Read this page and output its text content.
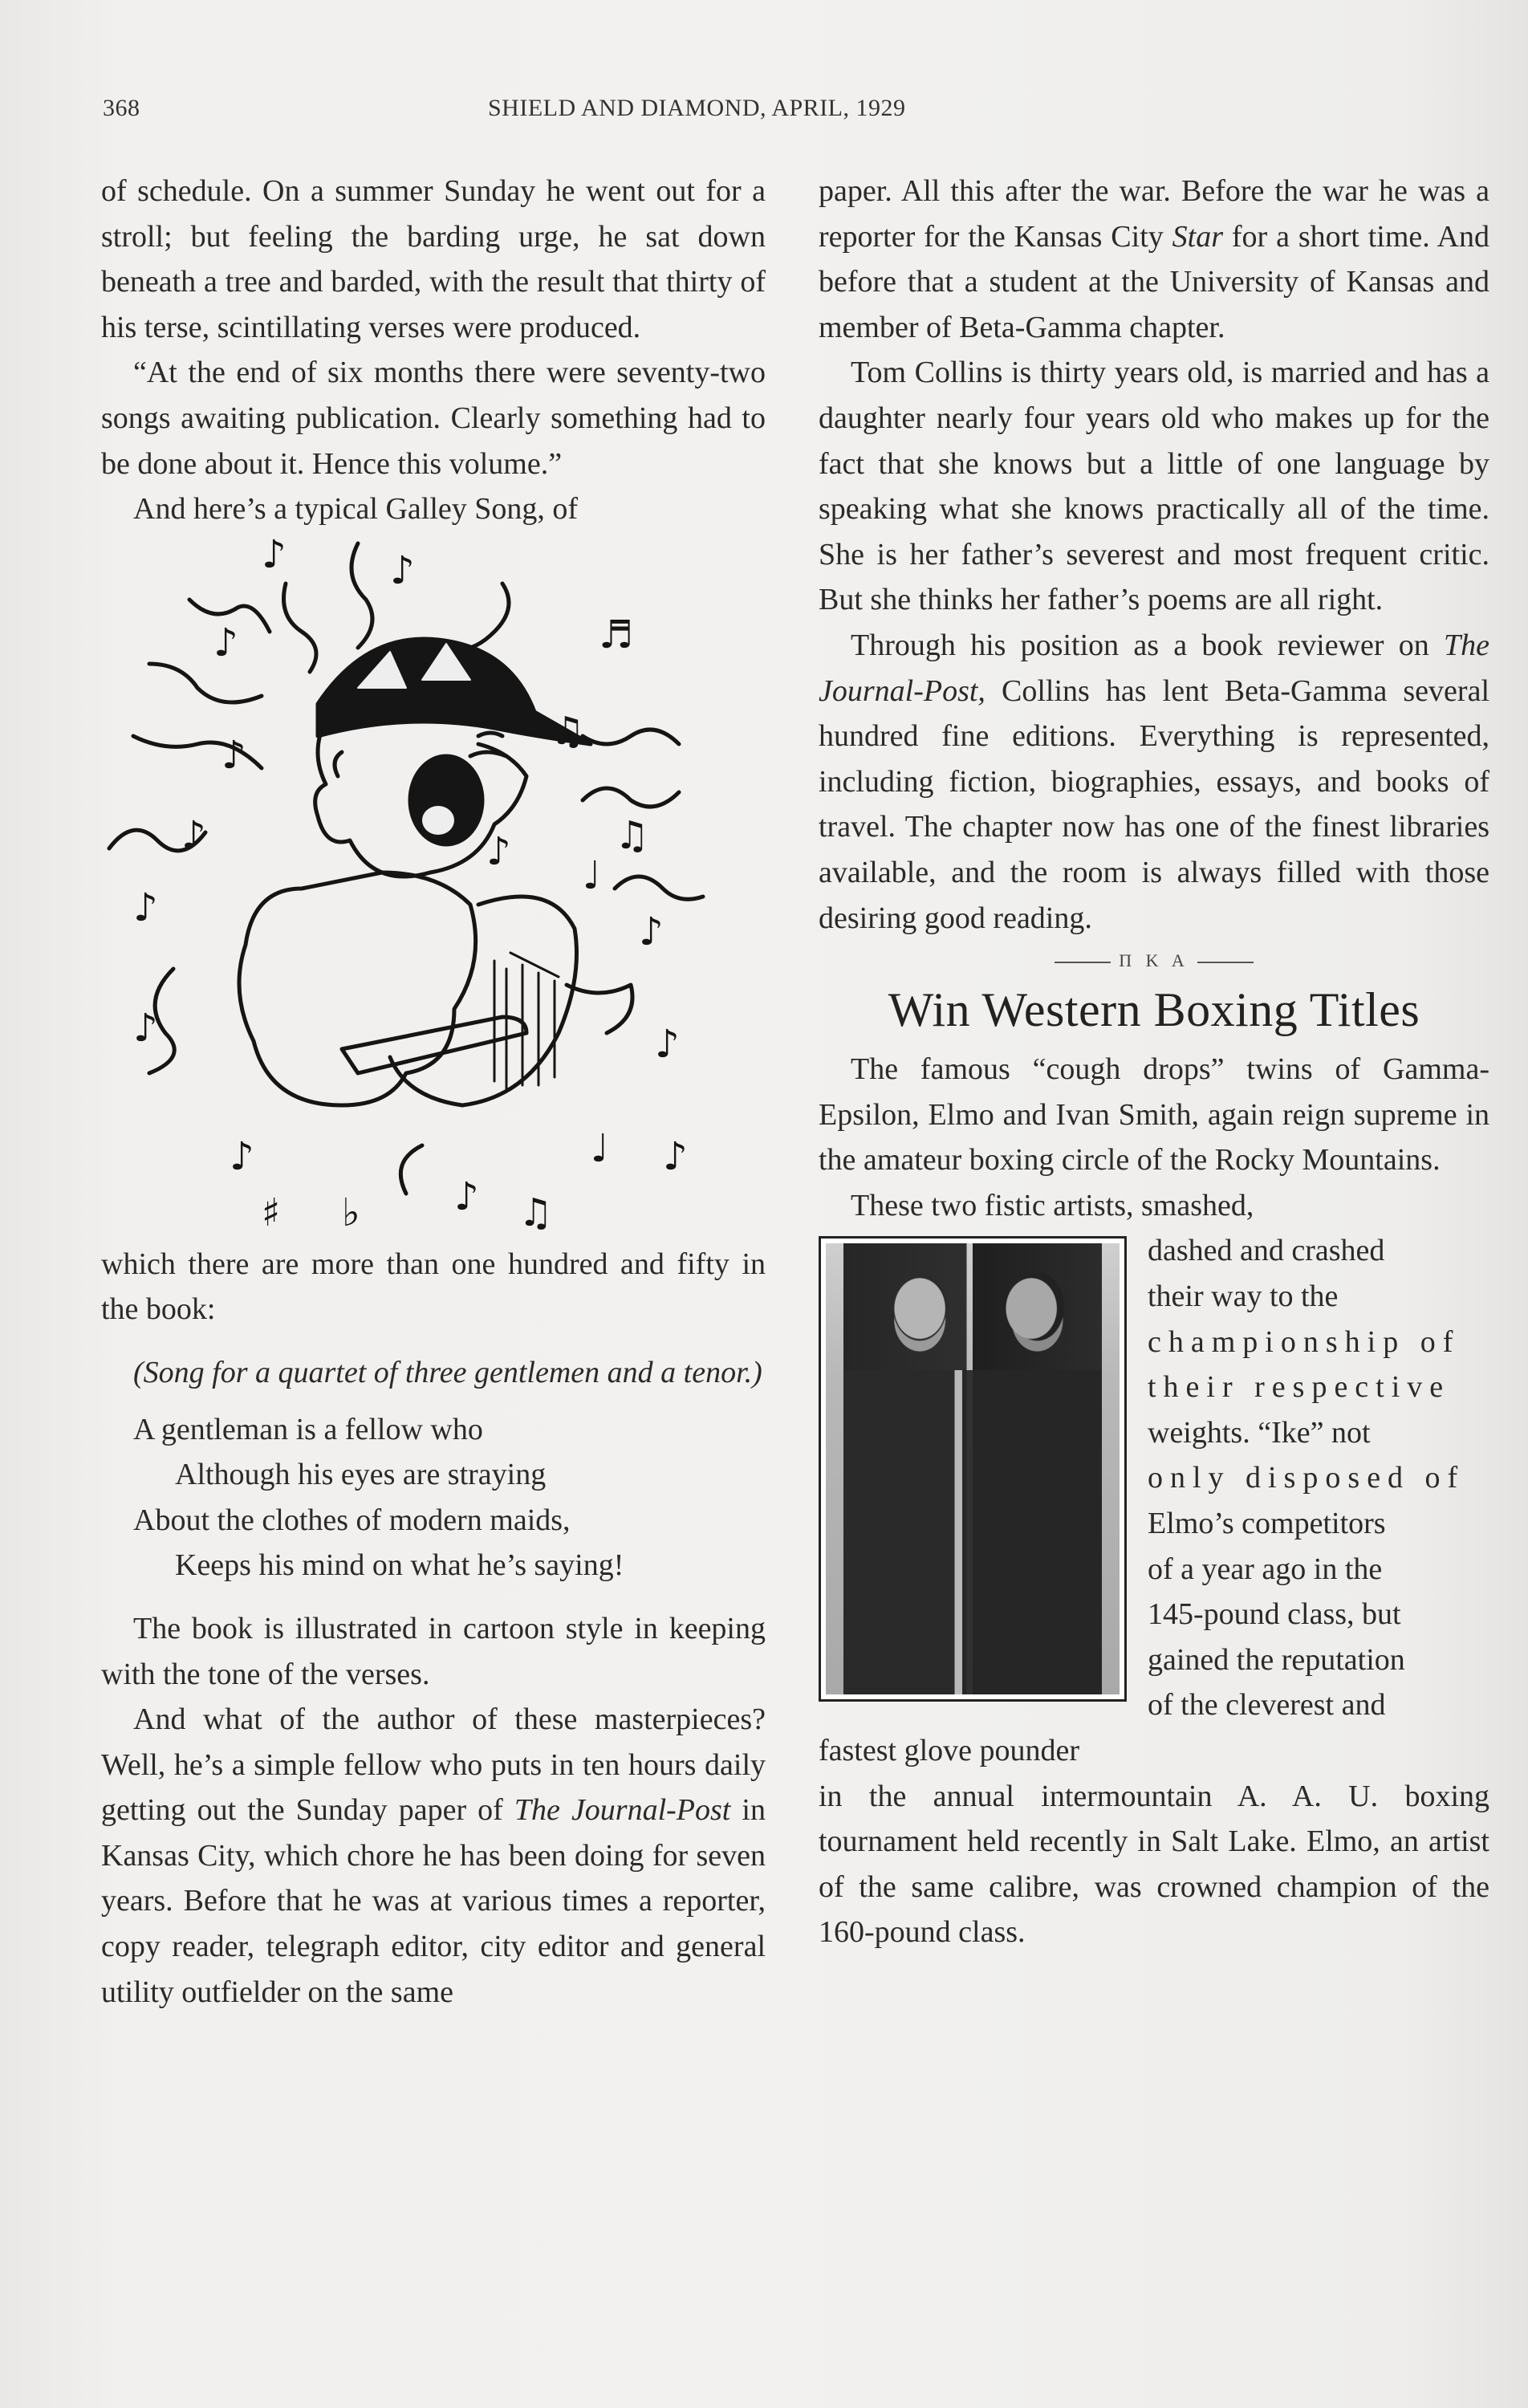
368	SHIELD AND DIAMOND, APRIL, 1929

of schedule. On a summer Sunday he went out for a stroll; but feeling the barding urge, he sat down beneath a tree and barded, with the result that thirty of his terse, scintillating verses were produced.

“At the end of six months there were seventy-two songs awaiting publication. Clearly something had to be done about it. Hence this volume.”

And here’s a typical Galley Song, of

♪	♪
♪
♪
♬
♫
♪
♪	♫
♪
♩
♪
♪
♪	♪
♪	♩ ♪
♯ ♭ ♪ ♫

which there are more than one hundred and fifty in the book:

(Song for a quartet of three gentlemen and a tenor.)

A gentleman is a fellow who
Although his eyes are straying
About the clothes of modern maids,
Keeps his mind on what he’s saying!

The book is illustrated in cartoon style in keeping with the tone of the verses.

And what of the author of these masterpieces? Well, he’s a simple fellow who puts in ten hours daily getting out the Sunday paper of The Journal-Post in Kansas City, which chore he has been doing for seven years. Before that he was at various times a reporter, copy reader, telegraph editor, city editor and general utility outfielder on the same

paper. All this after the war. Before the war he was a reporter for the Kansas City Star for a short time. And before that a student at the University of Kansas and member of Beta-Gamma chapter.

Tom Collins is thirty years old, is married and has a daughter nearly four years old who makes up for the fact that she knows but a little of one language by speaking what she knows practically all of the time. She is her father’s severest and most frequent critic. But she thinks her father’s poems are all right.

Through his position as a book reviewer on The Journal-Post, Collins has lent Beta-Gamma several hundred fine editions. Everything is represented, including fiction, biographies, essays, and books of travel. The chapter now has one of the finest libraries available, and the room is always filled with those desiring good reading.

Π K A
Win Western Boxing Titles

The famous “cough drops” twins of Gamma-Epsilon, Elmo and Ivan Smith, again reign supreme in the amateur boxing circle of the Rocky Mountains.

These two fistic artists, smashed,

dashed and crashed
their way to the
championship of
their respective
weights. “Ike” not
only disposed of
Elmo’s competitors
of a year ago in the
145-pound class, but
gained the reputation
of the cleverest and
fastest glove pounder

in the annual intermountain A. A. U. boxing tournament held recently in Salt Lake. Elmo, an artist of the same calibre, was crowned champion of the 160-pound class.
